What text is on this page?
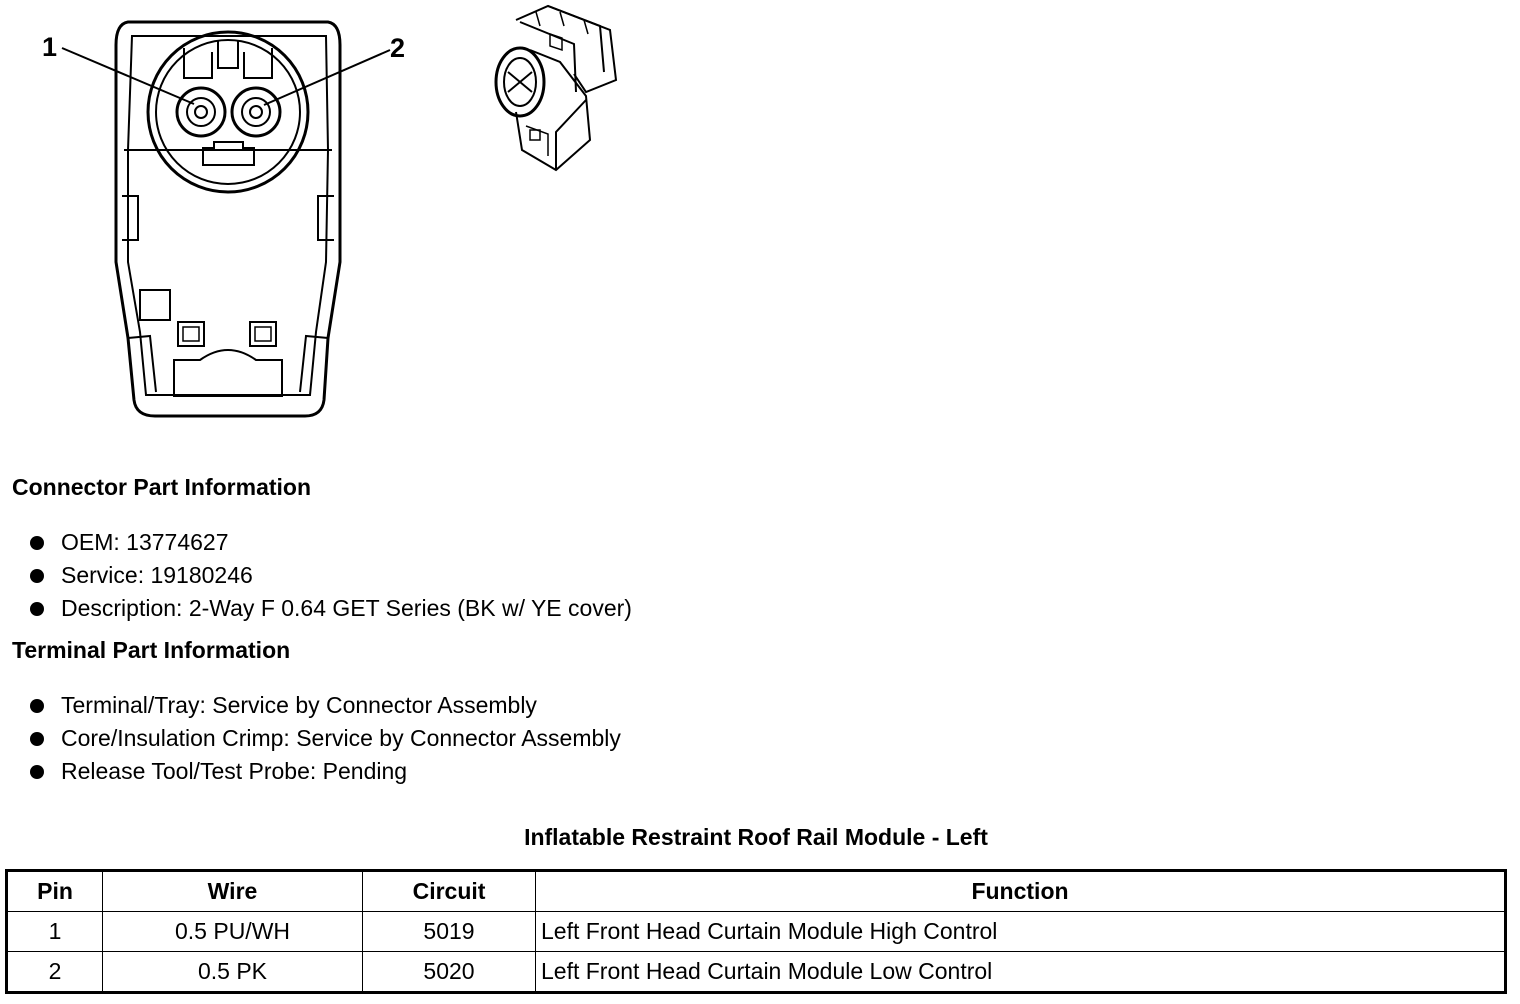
1	2
Connector Part Information
OEM: 13774627
Service: 19180246
Description: 2-Way F 0.64 GET Series (BK w/ YE cover)
Terminal Part Information
Terminal/Tray: Service by Connector Assembly
Core/Insulation Crimp: Service by Connector Assembly
Release Tool/Test Probe: Pending
Inflatable Restraint Roof Rail Module - Left
Pin	Wire	Circuit	Function
1	0.5 PU/WH	5019	Left Front Head Curtain Module High Control
2	0.5 PK	5020	Left Front Head Curtain Module Low Control
